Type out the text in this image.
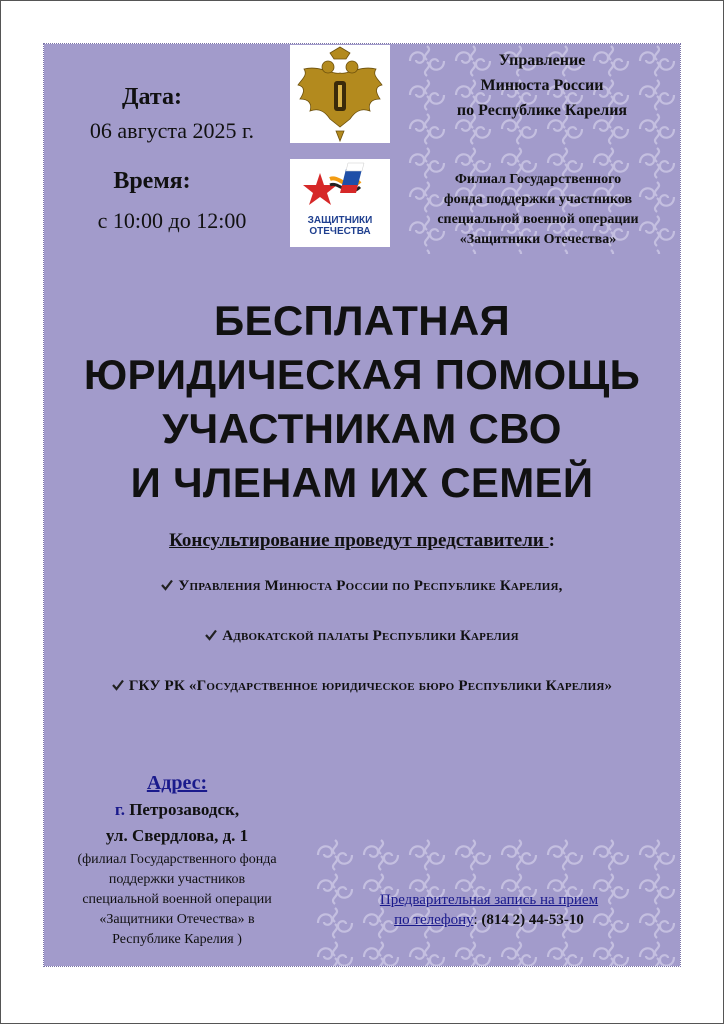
Дата:
06 августа 2025 г.
Время:
с 10:00 до 12:00	ЗАЩИТНИКИ
ОТЕЧЕСТВА
Управление
Минюста России
по Республике Карелия
Филиал Государственного
фонда поддержки участников
специальной военной операции
«Защитники Отечества»
БЕСПЛАТНАЯ
ЮРИДИЧЕСКАЯ ПОМОЩЬ
УЧАСТНИКАМ СВО
И ЧЛЕНАМ ИХ СЕМЕЙ
Консультирование проведут представители :
Управления Минюста России по Республике Карелия,
Адвокатской палаты Республики Карелия
ГКУ РК «Государственное юридическое бюро Республики Карелия»
Адрес:
г. Петрозаводск,
ул. Свердлова, д. 1
(филиал Государственного фонда
поддержки участников
специальной военной операции
«Защитники Отечества» в
Республике Карелия )
Предварительная запись на прием
по телефону: (814 2) 44-53-10
